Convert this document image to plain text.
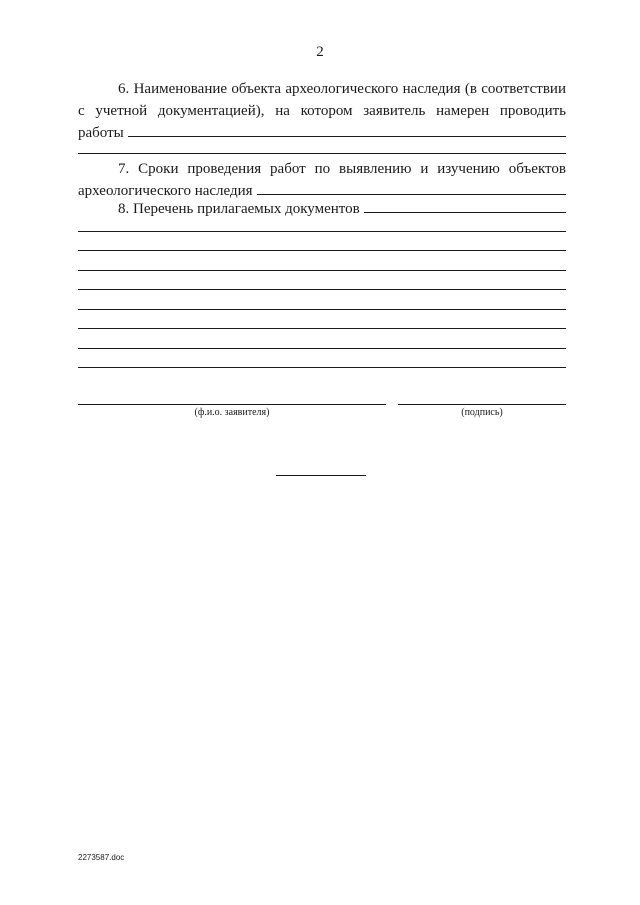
2
6. Наименование объекта археологического наследия (в соответствии
с учетной документацией), на котором заявитель намерен проводить
работы
7. Сроки проведения работ по выявлению и изучению объектов
археологического наследия
8. Перечень прилагаемых документов
(ф.и.о. заявителя)	(подпись)
2273587.doc
